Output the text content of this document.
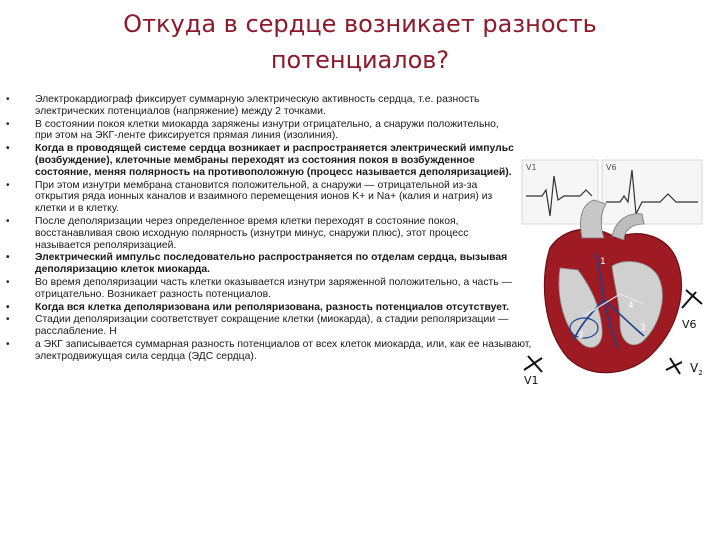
Откуда в сердце возникает разность
потенциалов?
• Электрокардиограф фиксирует суммарную электрическую активность сердца, т.е. разность электрических потенциалов (напряжение) между 2 точками.
• В состоянии покоя клетки миокарда заряжены изнутри отрицательно, а снаружи положительно, при этом на ЭКГ-ленте фиксируется прямая линия (изолиния).
• Когда в проводящей системе сердца возникает и распространяется электрический импульс (возбуждение), клеточные мембраны переходят из состояния покоя в возбужденное состояние, меняя полярность на противоположную (процесс называется деполяризацией).
• При этом изнутри мембрана становится положительной, а снаружи — отрицательной из-за открытия ряда ионных каналов и взаимного перемещения ионов K+ и Na+ (калия и натрия) из клетки и в клетку.
• После деполяризации через определенное время клетки переходят в состояние покоя, восстанавливая свою исходную полярность (изнутри минус, снаружи плюс), этот процесс называется реполяризацией.
• Электрический импульс последовательно распространяется по отделам сердца, вызывая деполяризацию клеток миокарда.
• Во время деполяризации часть клетки оказывается изнутри заряженной положительно, а часть — отрицательно. Возникает разность потенциалов.
• Когда вся клетка деполяризована или реполяризована, разность потенциалов отсутствует.
• Стадии деполяризации соответствует сокращение клетки (миокарда), а стадии реполяризации — расслабление. Н
• а ЭКГ записывается суммарная разность потенциалов от всех клеток миокарда, или, как ее называют, электродвижущая сила сердца (ЭДС сердца).
V1	V6
1
2
3
4
V6
V1
$V_2$
